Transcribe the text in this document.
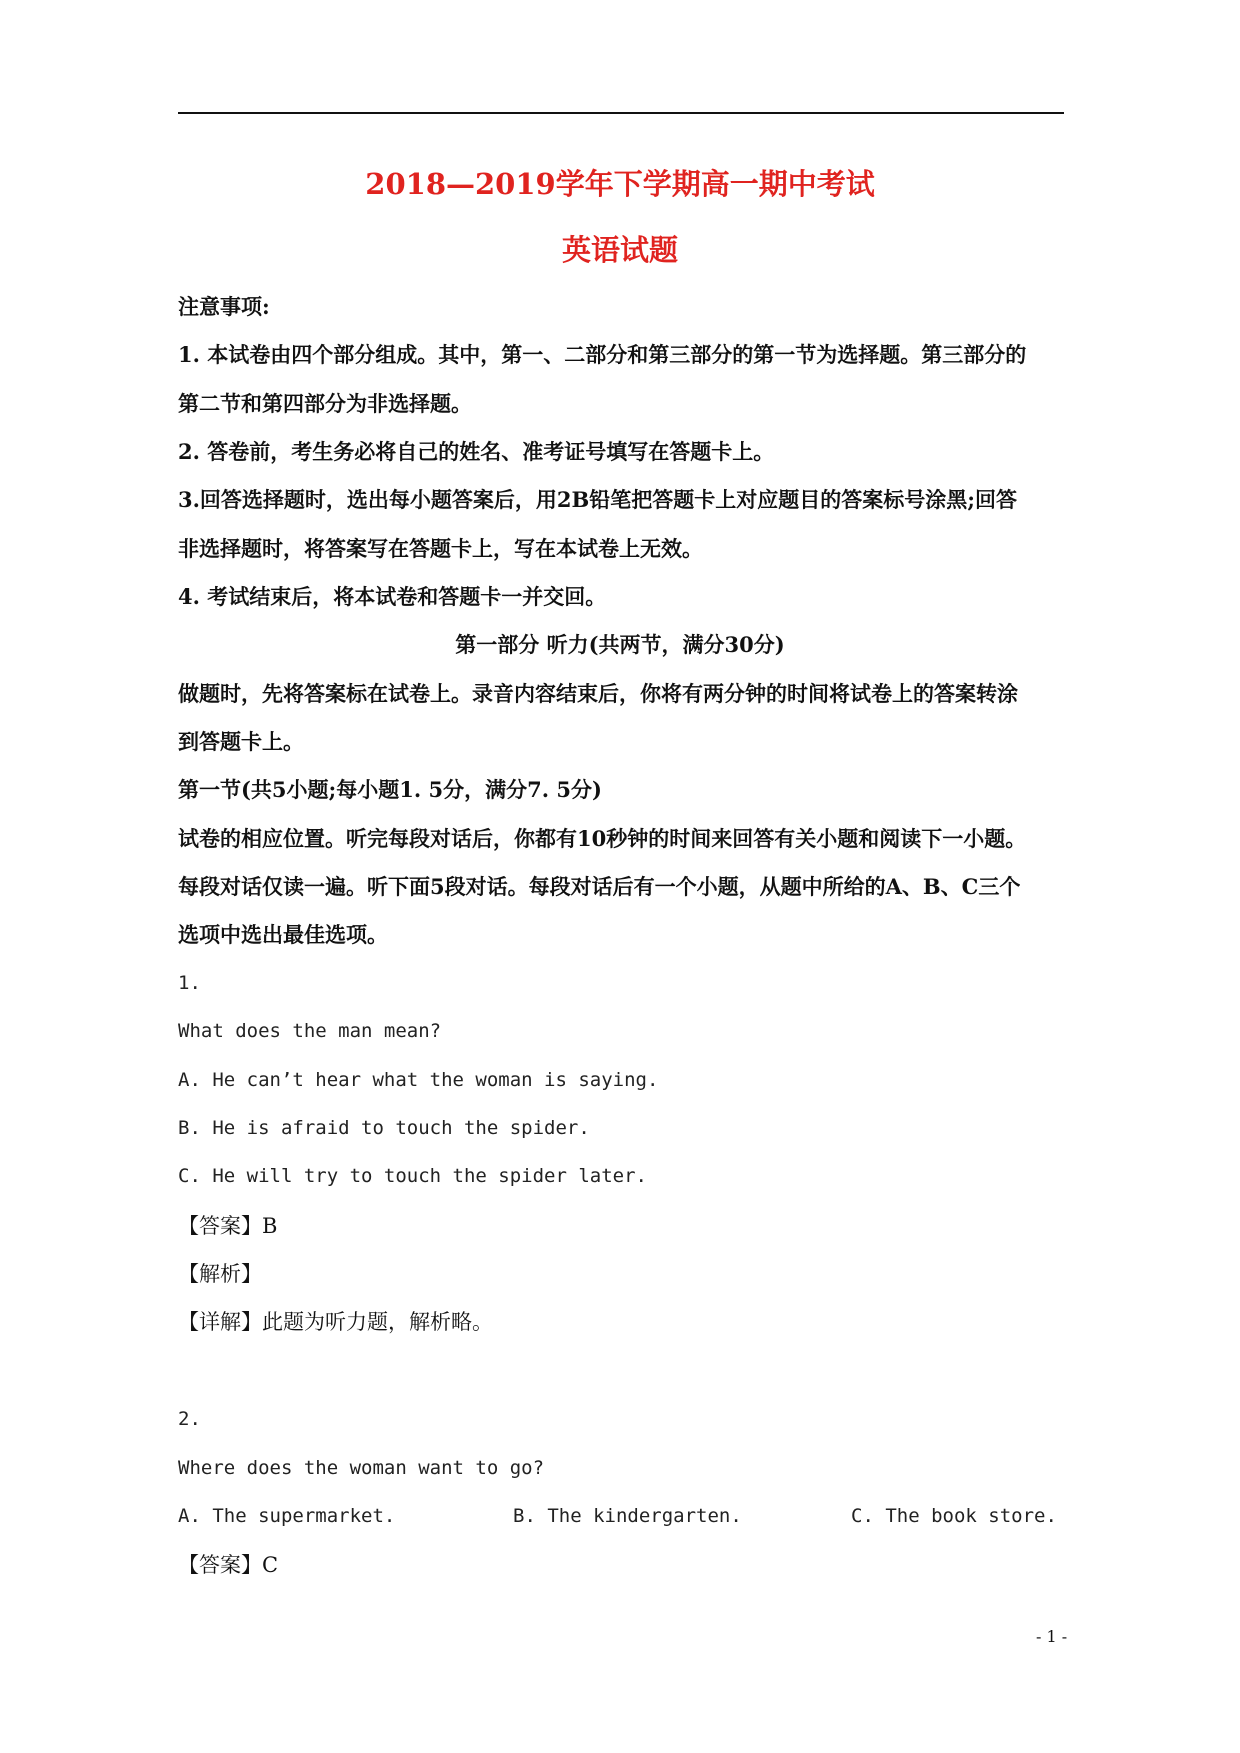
2018—2019学年下学期高一期中考试
英语试题
注意事项:
1. 本试卷由四个部分组成。其中，第一、二部分和第三部分的第一节为选择题。第三部分的
第二节和第四部分为非选择题。
2. 答卷前，考生务必将自己的姓名、准考证号填写在答题卡上。
3.回答选择题时，选出每小题答案后，用2B铅笔把答题卡上对应题目的答案标号涂黑;回答
非选择题时，将答案写在答题卡上，写在本试卷上无效。
4. 考试结束后，将本试卷和答题卡一并交回。
第一部分 听力(共两节，满分30分)
做题时，先将答案标在试卷上。录音内容结束后，你将有两分钟的时间将试卷上的答案转涂
到答题卡上。
第一节(共5小题;每小题1. 5分，满分7. 5分)
试卷的相应位置。听完每段对话后，你都有10秒钟的时间来回答有关小题和阅读下一小题。
每段对话仅读一遍。听下面5段对话。每段对话后有一个小题，从题中所给的A、B、C三个
选项中选出最佳选项。
1.
What does the man mean?
A. He can’t hear what the woman is saying.
B. He is afraid to touch the spider.
C. He will try to touch the spider later.
【答案】B
【解析】
【详解】此题为听力题，解析略。
2.
Where does the woman want to go?
A. The supermarket.	B. The kindergarten.	C. The book store.
【答案】C
- 1 -
